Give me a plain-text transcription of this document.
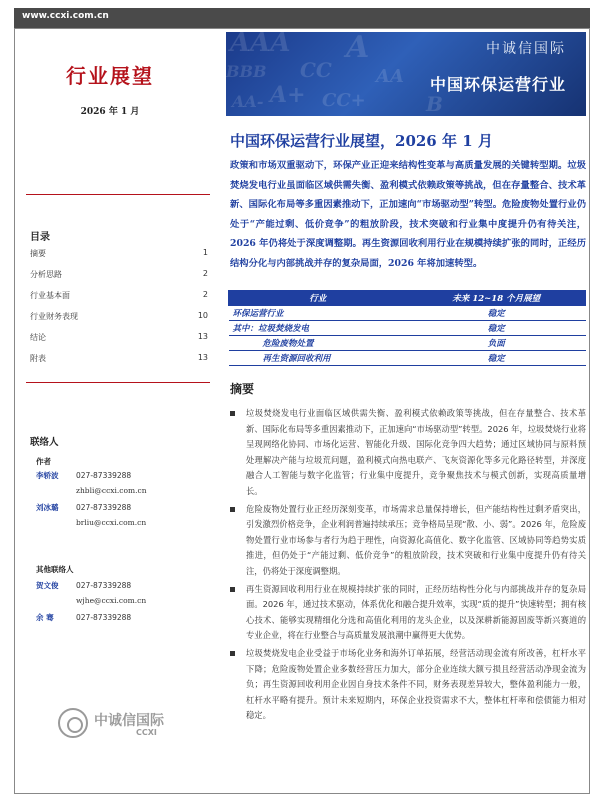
www.ccxi.com.cn
行业展望
2026 年 1 月
目录
摘要	1
分析思路	2
行业基本面	2
行业财务表现	10
结论	13
附表	13
联络人
作者
李轿波 027-87339288
zhbli@ccxi.com.cn
刘冰璐 027-87339288
brliu@ccxi.com.cn
其他联络人
贺文俊 027-87339288
wjhe@ccxi.com.cn
余 骞	027-87339288
中诚信国际
CCXI
AAA
BBB CC
A+
A
AA
AA-	CC+	B
中诚信国际
中国环保运营行业
中国环保运营行业展望，2026 年 1 月
政策和市场双重驱动下，环保产业正迎来结构性变革与高质量发展的关键转型期。垃圾焚烧发电行业虽面临区域供需失衡、盈利模式依赖政策等挑战，但在存量整合、技术革新、国际化布局等多重因素推动下，正加速向“市场驱动型”转型。危险废物处置行业仍处于“产能过剩、低价竞争”的粗放阶段，技术突破和行业集中度提升仍有待关注，2026 年仍将处于深度调整期。再生资源回收利用行业在规模持续扩张的同时，正经历结构分化与内部挑战并存的复杂局面，2026 年将加速转型。
行业	未来 12~18 个月展望
环保运营行业	稳定
其中：垃圾焚烧发电	稳定
危险废物处置	负面
再生资源回收利用	稳定
摘要

垃圾焚烧发电行业面临区域供需失衡、盈利模式依赖政策等挑战，但在存量整合、技术革新、国际化布局等多重因素推动下，正加速向“市场驱动型”转型。2026 年，垃圾焚烧行业将呈现网络化协同、市场化运营、智能化升级、国际化竞争四大趋势；通过区域协同与原料预处理解决产能与垃圾荒问题，盈利模式向热电联产、飞灰资源化等多元化路径转型，并深度融合人工智能与数字化监管；行业集中度提升，竞争聚焦技术与模式创新，实现高质量增长。

危险废物处置行业正经历深刻变革，市场需求总量保持增长，但产能结构性过剩矛盾突出，引发激烈价格竞争，企业利润普遍持续承压；竞争格局呈现“散、小、弱”。2026 年，危险废物处置行业市场参与者行为趋于理性，向资源化高值化、数字化监管、区域协同等趋势实质推进，但仍处于“产能过剩、低价竞争”的粗放阶段，技术突破和行业集中度提升仍有待关注，仍将处于深度调整期。

再生资源回收利用行业在规模持续扩张的同时，正经历结构性分化与内部挑战并存的复杂局面。2026 年，通过技术驱动，体系优化和融合提升效率，实现“质的提升”快速转型；拥有核心技术、能够实现精细化分选和高值化利用的龙头企业，以及深耕新能源固废等新兴赛道的专业企业，将在行业整合与高质量发展浪潮中赢得更大优势。

垃圾焚烧发电企业受益于市场化业务和海外订单拓展，经营活动现金流有所改善，杠杆水平下降；危险废物处置企业多数经营压力加大，部分企业连续大额亏损且经营活动净现金流为负；再生资源回收利用企业因自身技术条件不同，财务表现差异较大，整体盈利能力一般，杠杆水平略有提升。预计未来短期内，环保企业投资需求不大，整体杠杆率和偿债能力相对稳定。
